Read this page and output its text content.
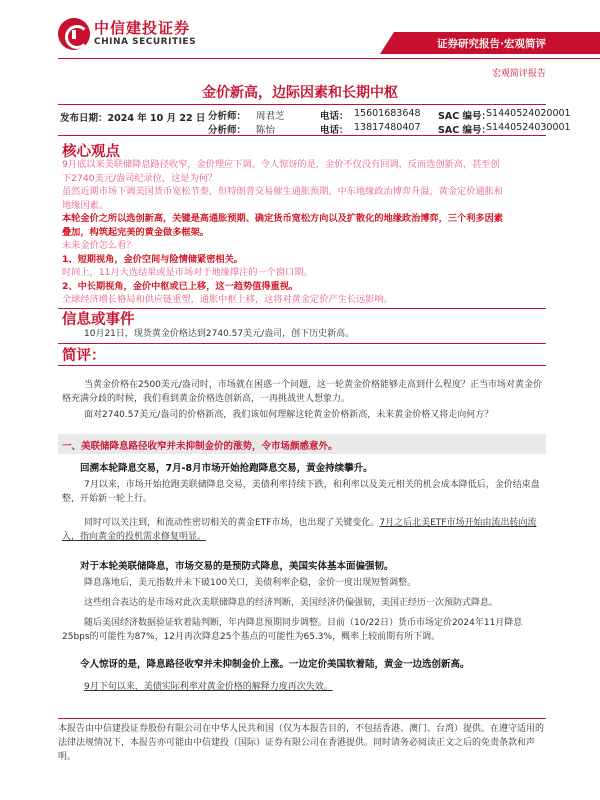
中信建投证券
CHINA SECURITIES	证券研究报告·宏观简评
宏观简评报告
金价新高，边际因素和长期中枢
发布日期：2024 年 10 月 22 日 分析师： 周君芝	电话： 15601683648 SAC 编号：
S1440524020001
分析师： 陈怡	电话： 13817480407 SAC 编号：
S1440524030001
核心观点

9月底以来美联储降息路径收窄，金价理应下调。令人惊讶的是，金价不仅没有回调，反而选创新高，甚至创

下2740美元/盎司纪录位，这是为何？

虽然近期市场下调美国货币宽松节奏，但特朗普交易催生通胀预期，中东地缘政治博弈升温，黄金定价通胀和

地缘因素。

本轮金价之所以选创新高，关键是高通胀预期、确定货币宽松方向以及扩散化的地缘政治博弈，三个利多因素

叠加，构筑起完美的黄金做多框架。

未来金价怎么看？

1、短期视角，金价空间与险情储紧密相关。

时间上，11月大选结果或是市场对于地缘撑注的一个窗口期。

2、中长期视角，金价中枢或已上移，这一趋势值得重视。

全球经济增长格局和供应链重塑，通胀中枢上移，这将对黄金定价产生长远影响。

信息或事件
10月21日，现货黄金价格达到2740.57美元/盎司，创下历史新高。
简评：
当黄金价格在2500美元/盎司时，市场就在困惑一个问题，这一轮黄金价格能够走高到什么程度？正当市场对黄金价格充满分歧的时候，我们看到黄金价格选创新高，一再挑战世人想象力。
面对2740.57美元/盎司的价格新高，我们该如何理解这轮黄金价格新高，未来黄金价格又将走向何方？
一、美联储降息路径收窄并未抑制金价的涨势，令市场颇感意外。
回溯本轮降息交易，7月-8月市场开始抢跑降息交易，黄金持续攀升。
7月以来，市场开始抢跑美联储降息交易，美债利率持续下跌，和利率以及美元相关的机会成本降低后，金价结束盘整，开始新一轮上行。
同时可以关注到，和流动性密切相关的黄金ETF市场，也出现了关键变化。7月之后北美ETF市场开始由流出转向流入，指向黄金的投机需求修复明显。
对于本轮美联储降息，市场交易的是预防式降息，美国实体基本面偏强韧。
降息落地后，美元指数并未下破100关口，美债利率企稳，金价一度出现短暂调整。
这些组合表达的是市场对此次美联储降息的经济判断，美国经济仍偏强韧，美国正经历一次预防式降息。
随后美国经济数据验证软着陆判断，年内降息预期同步调整。目前（10/22日）货币市场定价2024年11月降息25bps的可能性为87%，12月再次降息25个基点的可能性为65.3%，概率上较前期有所下调。
令人惊讶的是，降息路径收窄并未抑制金价上涨。一边定价美国软着陆，黄金一边选创新高。
9月下旬以来，美债实际利率对黄金价格的解释力度再次失效。
本报告由中信建投证券股份有限公司在中华人民共和国（仅为本报告目的，不包括香港、澳门、台湾）提供。在遵守适用的法律法规情况下，本报告亦可能由中信建投（国际）证券有限公司在香港提供。同时请务必阅读正文之后的免责条款和声明。
